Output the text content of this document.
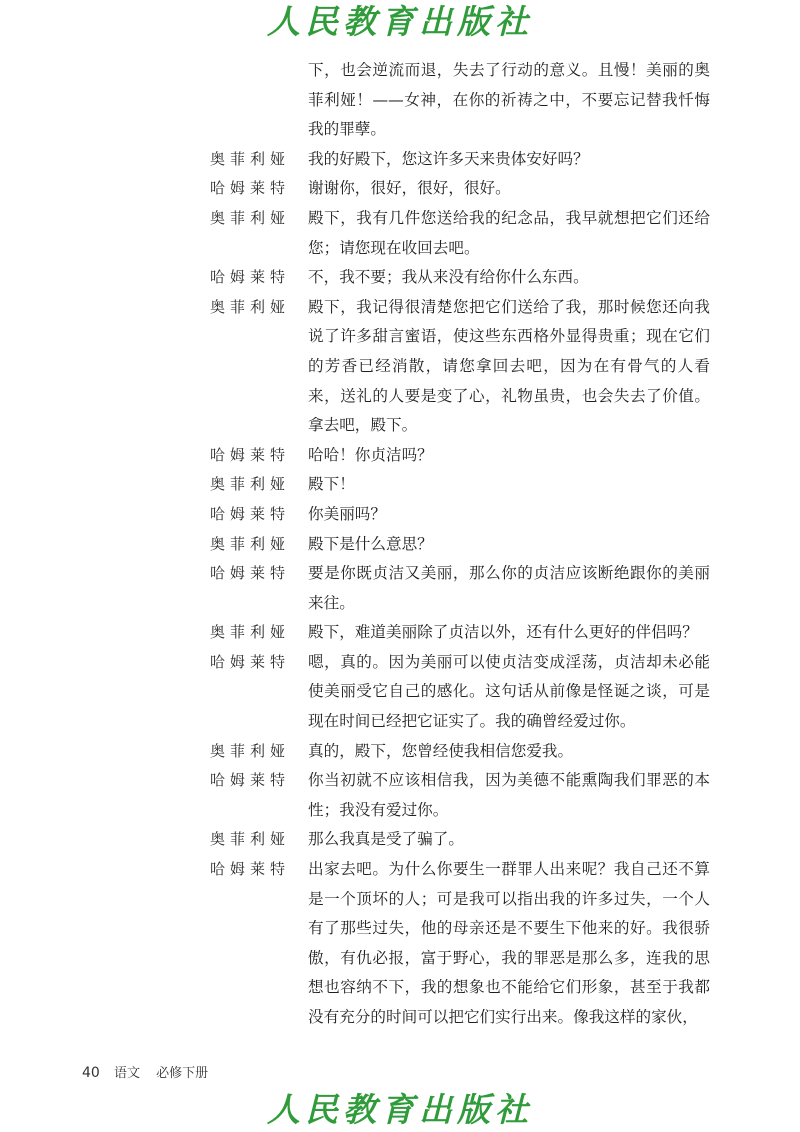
人民教育出版社
下，也会逆流而退，失去了行动的意义。且慢！美丽的奥菲利娅！——女神，在你的祈祷之中，不要忘记替我忏悔我的罪孽。
奥菲利娅 我的好殿下，您这许多天来贵体安好吗？
哈姆莱特 谢谢你，很好，很好，很好。
奥菲利娅 殿下，我有几件您送给我的纪念品，我早就想把它们还给您；请您现在收回去吧。
哈姆莱特 不，我不要；我从来没有给你什么东西。
奥菲利娅 殿下，我记得很清楚您把它们送给了我，那时候您还向我说了许多甜言蜜语，使这些东西格外显得贵重；现在它们的芳香已经消散，请您拿回去吧，因为在有骨气的人看来，送礼的人要是变了心，礼物虽贵，也会失去了价值。拿去吧，殿下。
哈姆莱特 哈哈！你贞洁吗？
奥菲利娅 殿下！
哈姆莱特 你美丽吗？
奥菲利娅 殿下是什么意思？
哈姆莱特 要是你既贞洁又美丽，那么你的贞洁应该断绝跟你的美丽来往。
奥菲利娅 殿下，难道美丽除了贞洁以外，还有什么更好的伴侣吗？
哈姆莱特 嗯，真的。因为美丽可以使贞洁变成淫荡，贞洁却未必能使美丽受它自己的感化。这句话从前像是怪诞之谈，可是现在时间已经把它证实了。我的确曾经爱过你。
奥菲利娅 真的，殿下，您曾经使我相信您爱我。
哈姆莱特 你当初就不应该相信我，因为美德不能熏陶我们罪恶的本性；我没有爱过你。
奥菲利娅 那么我真是受了骗了。
哈姆莱特 出家去吧。为什么你要生一群罪人出来呢？我自己还不算是一个顶坏的人；可是我可以指出我的许多过失，一个人有了那些过失，他的母亲还是不要生下他来的好。我很骄傲，有仇必报，富于野心，我的罪恶是那么多，连我的思想也容纳不下，我的想象也不能给它们形象，甚至于我都没有充分的时间可以把它们实行出来。像我这样的家伙，
40 语文 必修下册
人民教育出版社
